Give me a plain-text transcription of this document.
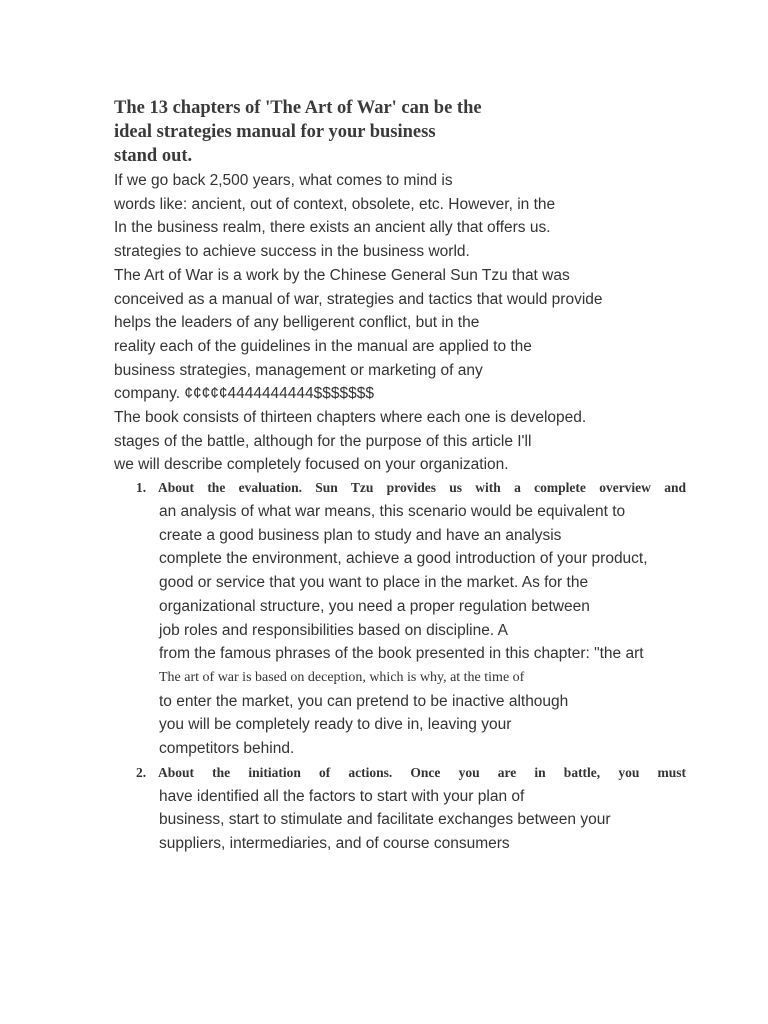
The 13 chapters of 'The Art of War' can be the
ideal strategies manual for your business
stand out.
If we go back 2,500 years, what comes to mind is
words like: ancient, out of context, obsolete, etc. However, in the
In the business realm, there exists an ancient ally that offers us.
strategies to achieve success in the business world.
The Art of War is a work by the Chinese General Sun Tzu that was
conceived as a manual of war, strategies and tactics that would provide
helps the leaders of any belligerent conflict, but in the
reality each of the guidelines in the manual are applied to the
business strategies, management or marketing of any
company. ¢¢¢¢¢4444444444$$$$$$$
The book consists of thirteen chapters where each one is developed.
stages of the battle, although for the purpose of this article I'll
we will describe completely focused on your organization.
1. About the evaluation. Sun Tzu provides us with a complete overview and
an analysis of what war means, this scenario would be equivalent to
create a good business plan to study and have an analysis
complete the environment, achieve a good introduction of your product,
good or service that you want to place in the market. As for the
organizational structure, you need a proper regulation between
job roles and responsibilities based on discipline. A
from the famous phrases of the book presented in this chapter: "the art
The art of war is based on deception, which is why, at the time of
to enter the market, you can pretend to be inactive although
you will be completely ready to dive in, leaving your
competitors behind.
2. About the initiation of actions. Once you are in battle, you must
have identified all the factors to start with your plan of
business, start to stimulate and facilitate exchanges between your
suppliers, intermediaries, and of course consumers
